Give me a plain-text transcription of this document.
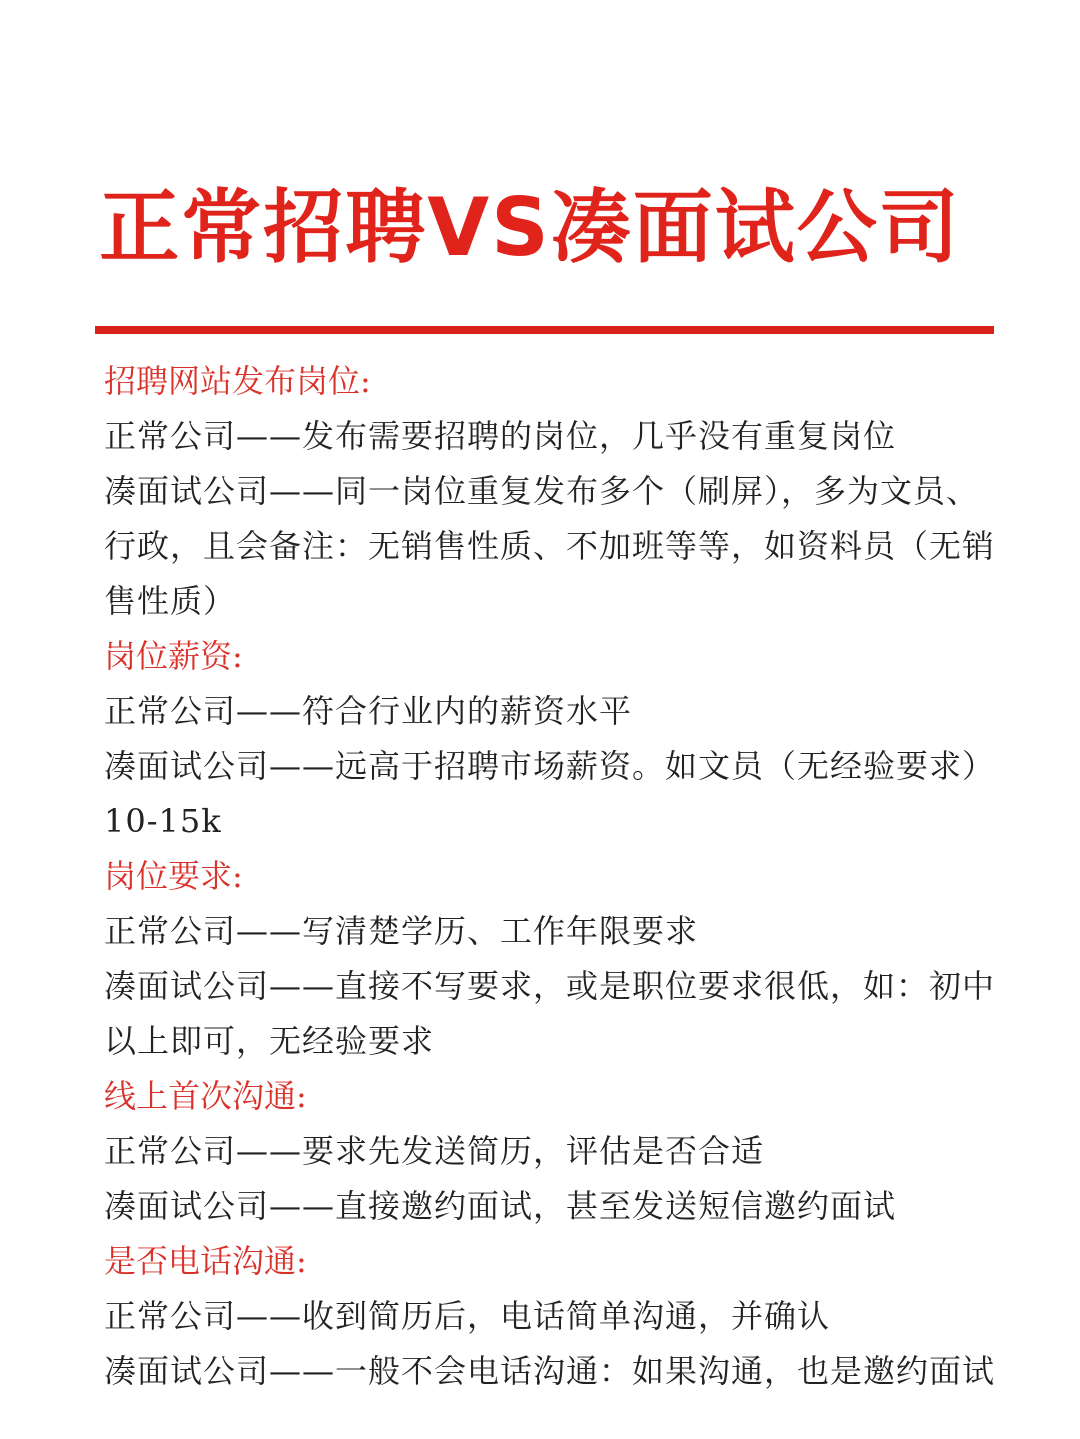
正常招聘VS凑面试公司
招聘网站发布岗位:
正常公司——发布需要招聘的岗位，几乎没有重复岗位
凑面试公司——同一岗位重复发布多个（刷屏），多为文员、行政，且会备注：无销售性质、不加班等等，如资料员（无销售性质）
岗位薪资:
正常公司——符合行业内的薪资水平
凑面试公司——远高于招聘市场薪资。如文员（无经验要求）10-15k
岗位要求:
正常公司——写清楚学历、工作年限要求
凑面试公司——直接不写要求，或是职位要求很低，如：初中以上即可，无经验要求
线上首次沟通:
正常公司——要求先发送简历，评估是否合适
凑面试公司——直接邀约面试，甚至发送短信邀约面试
是否电话沟通:
正常公司——收到简历后，电话简单沟通，并确认
凑面试公司——一般不会电话沟通：如果沟通，也是邀约面试
